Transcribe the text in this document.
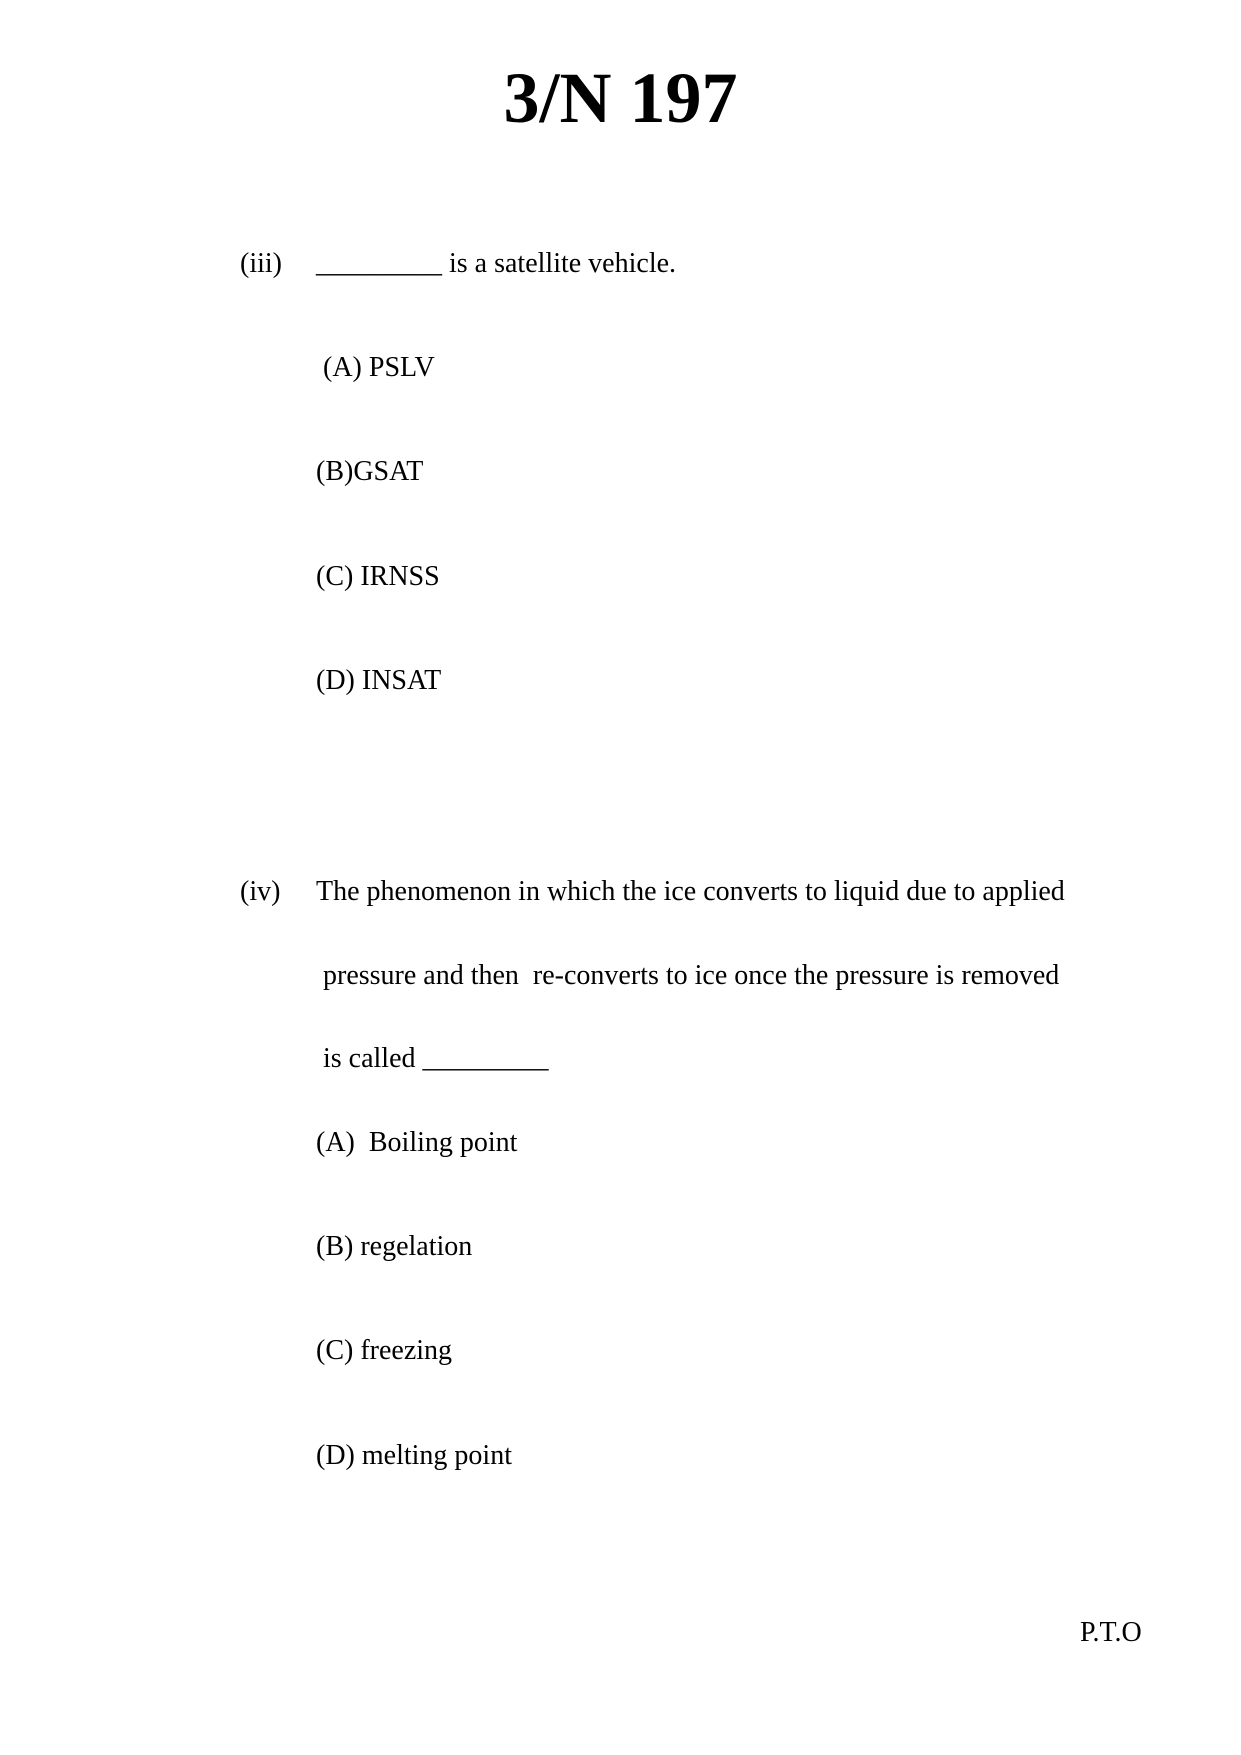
3/N 197
(iii) _________ is a satellite vehicle.
(A) PSLV
(B)GSAT
(C) IRNSS
(D) INSAT
(iv) The phenomenon in which the ice converts to liquid due to applied
pressure and then  re-converts to ice once the pressure is removed
is called _________
(A)  Boiling point
(B) regelation
(C) freezing
(D) melting point
P.T.O
